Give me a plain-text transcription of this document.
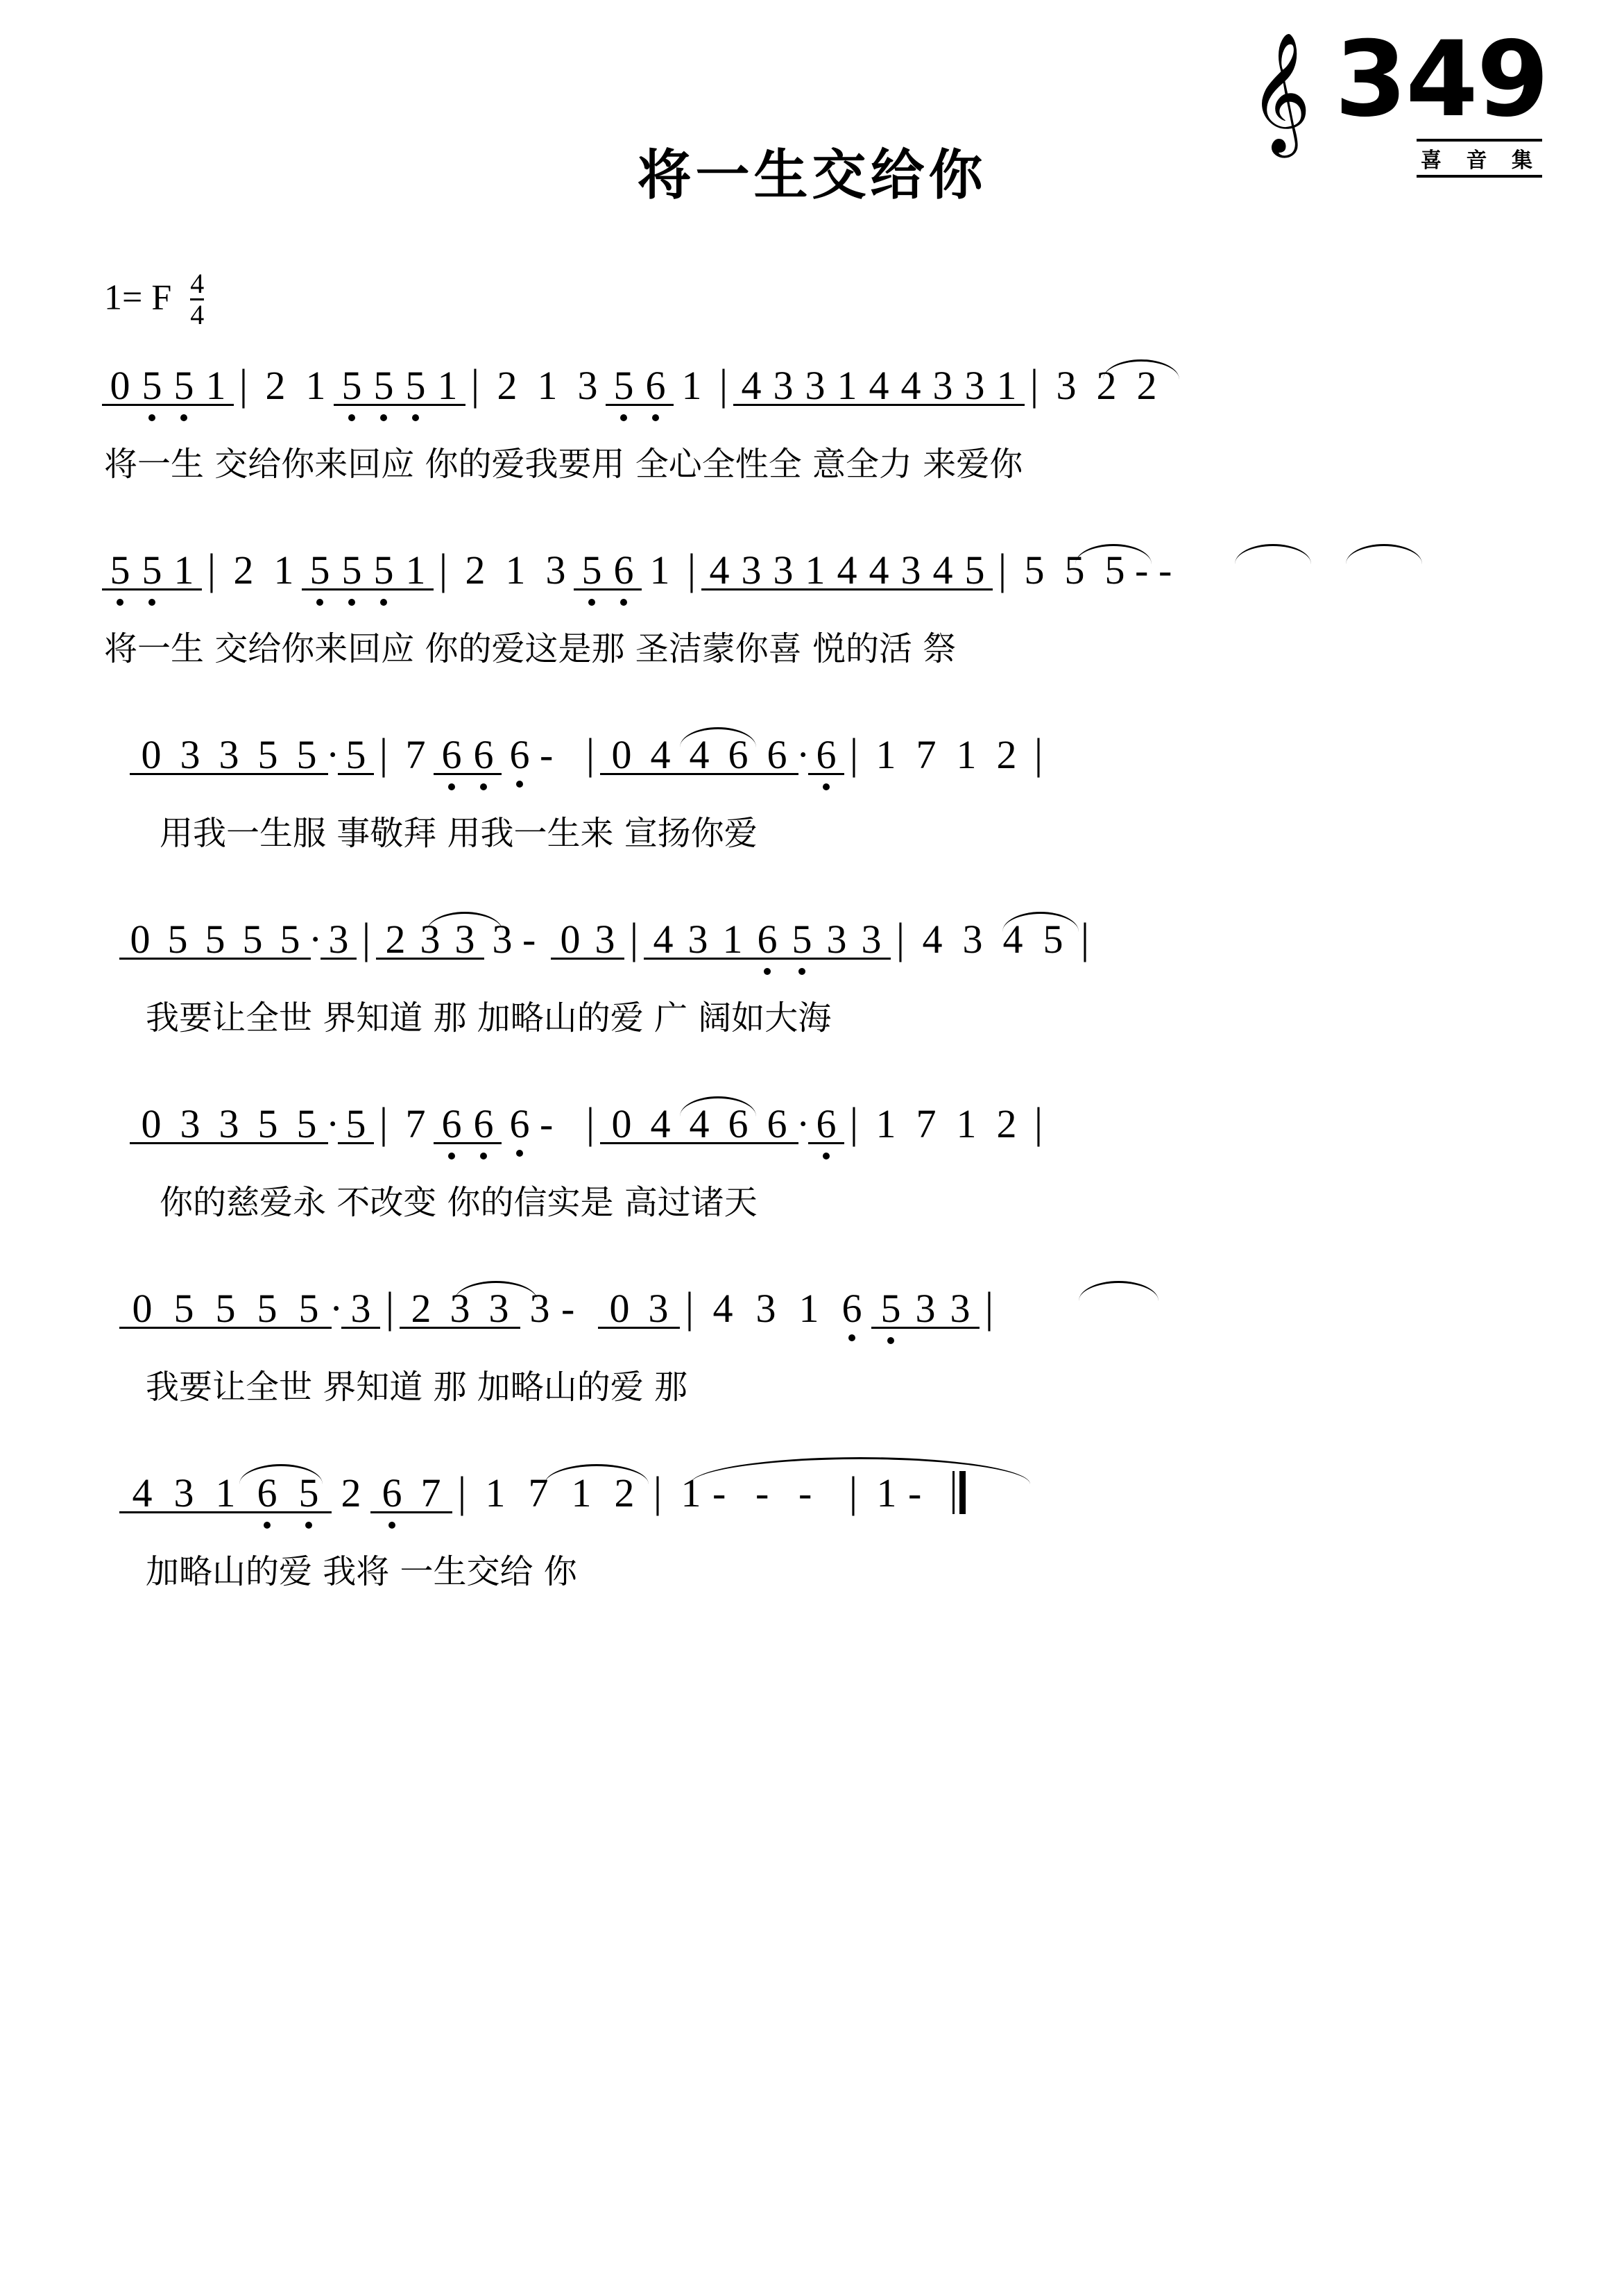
将一生交给你
𝄞 349
喜 音 集
1= F $\frac{4}{4}$
0 5 5 1 | 2 1 5 5 5 1 | 2 1 3 5 6 1 | 4 3 3 1 4 4 3 3 1 | 3 2 2
将一生 交给你来回应 你的爱我要用 全心全性全 意全力 来爱你
5 5 1 | 2 1 5 5 5 1 | 2 1 3 5 6 1 | 4 3 3 1 4 4 3 4 5 | 5 5 5 - -
将一生 交给你来回应 你的爱这是那 圣洁蒙你喜 悦的活 祭
0 3 3 5 5 · 5 | 7 6 6 6 - | 0 4 4 6 6 · 6 | 1 7 1 2 |
用我一生服 事敬拜 用我一生来 宣扬你爱
0 5 5 5 5 · 3 | 2 3 3 3 - 0 3 | 4 3 1 6 5 3 3 | 4 3 4 5 |
我要让全世 界知道 那 加略山的爱 广 阔如大海
0 3 3 5 5 · 5 | 7 6 6 6 - | 0 4 4 6 6 · 6 | 1 7 1 2 |
你的慈爱永 不改变 你的信实是 高过诸天
0 5 5 5 5 · 3 | 2 3 3 3 - 0 3 | 4 3 1 6 5 3 3 |
我要让全世 界知道 那 加略山的爱 那
4 3 1 6 5 2 6 7 | 1 7 1 2 | 1 - - - | 1 -
加略山的爱 我将 一生交给 你
